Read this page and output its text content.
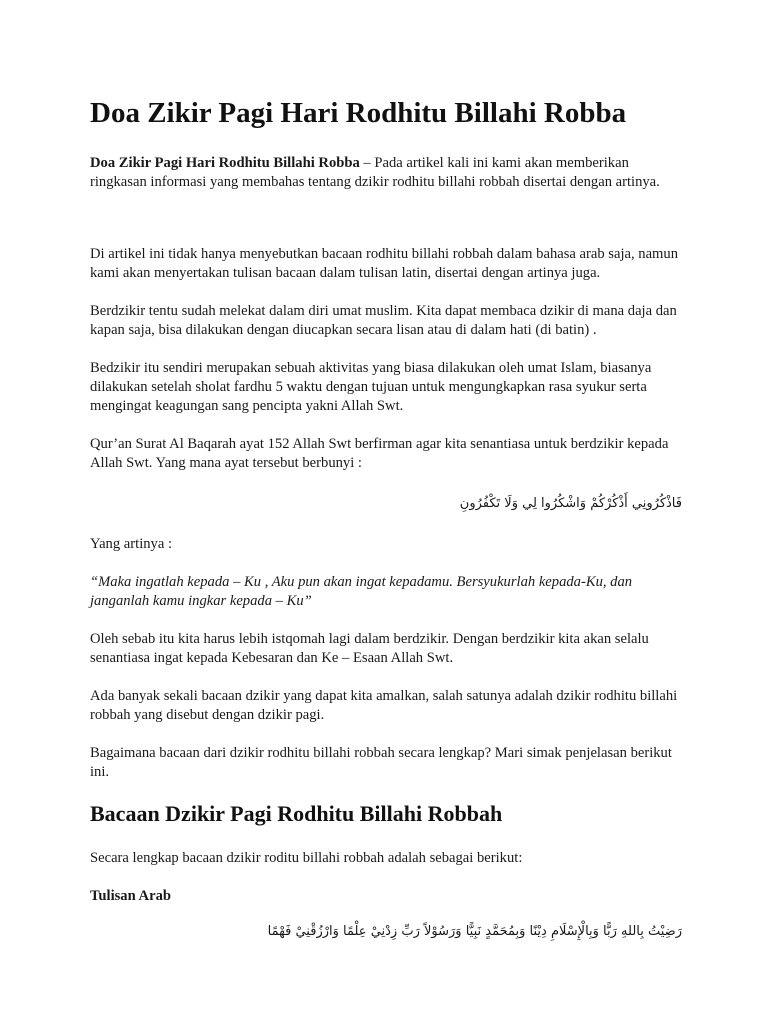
Doa Zikir Pagi Hari Rodhitu Billahi Robba

Doa Zikir Pagi Hari Rodhitu Billahi Robba – Pada artikel kali ini kami akan memberikan ringkasan informasi yang membahas tentang dzikir rodhitu billahi robbah disertai dengan artinya.

Di artikel ini tidak hanya menyebutkan bacaan rodhitu billahi robbah dalam bahasa arab saja, namun kami akan menyertakan tulisan bacaan dalam tulisan latin, disertai dengan artinya juga.

Berdzikir tentu sudah melekat dalam diri umat muslim. Kita dapat membaca dzikir di mana daja dan kapan saja, bisa dilakukan dengan diucapkan secara lisan atau di dalam hati (di batin) .

Bedzikir itu sendiri merupakan sebuah aktivitas yang biasa dilakukan oleh umat Islam, biasanya dilakukan setelah sholat fardhu 5 waktu dengan tujuan untuk mengungkapkan rasa syukur serta mengingat keagungan sang pencipta yakni Allah Swt.

Qur’an Surat Al Baqarah ayat 152 Allah Swt berfirman agar kita senantiasa untuk berdzikir kepada Allah Swt. Yang mana ayat tersebut berbunyi :

فَاذْكُرُونِي أَذْكُرْكُمْ وَاشْكُرُوا لِي وَلَا تَكْفُرُونِ

Yang artinya :

“Maka ingatlah kepada – Ku , Aku pun akan ingat kepadamu. Bersyukurlah kepada-Ku, dan janganlah kamu ingkar kepada – Ku”

Oleh sebab itu kita harus lebih istqomah lagi dalam berdzikir. Dengan berdzikir kita akan selalu senantiasa ingat kepada Kebesaran dan Ke – Esaan Allah Swt.

Ada banyak sekali bacaan dzikir yang dapat kita amalkan, salah satunya adalah dzikir rodhitu billahi robbah yang disebut dengan dzikir pagi.

Bagaimana bacaan dari dzikir rodhitu billahi robbah secara lengkap? Mari simak penjelasan berikut ini.

Bacaan Dzikir Pagi Rodhitu Billahi Robbah

Secara lengkap bacaan dzikir roditu billahi robbah adalah sebagai berikut:

Tulisan Arab
رَضِيْتُ بِاللهِ رَبًّا وَبِالْإِسْلَامِ دِيْنًا وَبِمُحَمَّدٍ نَبِيًّا وَرَسُوْلاً رَبِّ زِدْنِيْ عِلْمًا وَارْزُقْنِيْ فَهْمًا
